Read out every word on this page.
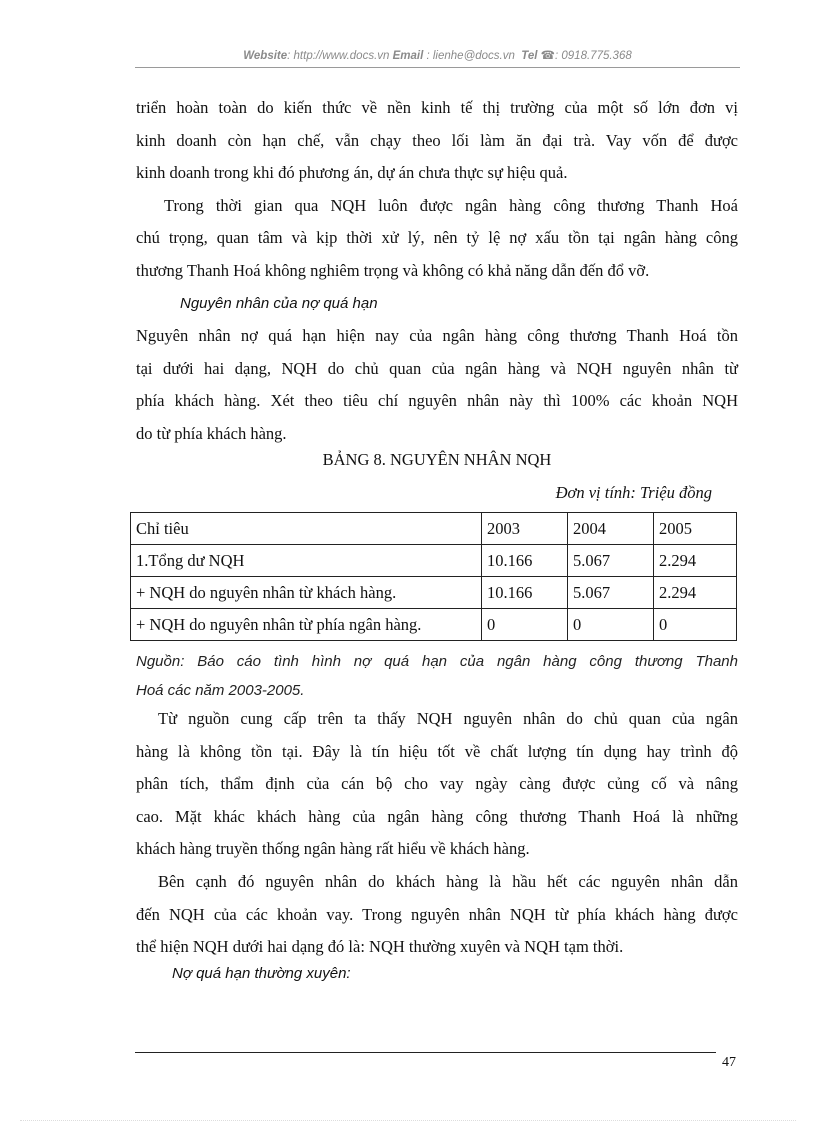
Website: http://www.docs.vn Email : lienhe@docs.vn Tel ☎: 0918.775.368

triển hoàn toàn do kiến thức về nền kinh tế thị trường của một số lớn đơn vị

kinh doanh còn hạn chế, vẫn chạy theo lối làm ăn đại trà. Vay vốn để được

kinh doanh trong khi đó phương án, dự án chưa thực sự hiệu quả.

Trong thời gian qua NQH luôn được ngân hàng công thương Thanh Hoá

chú trọng, quan tâm và kịp thời xử lý, nên tỷ lệ nợ xấu tồn tại ngân hàng công

thương Thanh Hoá không nghiêm trọng và không có khả năng dẫn đến đổ vỡ.

Nguyên nhân của nợ quá hạn

Nguyên nhân nợ quá hạn hiện nay của ngân hàng công thương Thanh Hoá tồn

tại dưới hai dạng, NQH do chủ quan của ngân hàng và NQH nguyên nhân từ

phía khách hàng. Xét theo tiêu chí nguyên nhân này thì 100% các khoản NQH

do từ phía khách hàng.

BẢNG 8. NGUYÊN NHÂN NQH
Đơn vị tính: Triệu đồng
Chỉ tiêu	2003	2004	2005
1.Tổng dư NQH	10.166	5.067	2.294
+ NQH do nguyên nhân từ khách hàng.	10.166	5.067	2.294
+ NQH do nguyên nhân từ phía ngân hàng.	0	0	0

Nguồn: Báo cáo tình hình nợ quá hạn của ngân hàng công thương Thanh

Hoá các năm 2003-2005.

Từ nguồn cung cấp trên ta thấy NQH nguyên nhân do chủ quan của ngân

hàng là không tồn tại. Đây là tín hiệu tốt về chất lượng tín dụng hay trình độ

phân tích, thẩm định của cán bộ cho vay ngày càng được củng cố và nâng

cao. Mặt khác khách hàng của ngân hàng công thương Thanh Hoá là những

khách hàng truyền thống ngân hàng rất hiểu về khách hàng.

Bên cạnh đó nguyên nhân do khách hàng là hầu hết các nguyên nhân dẫn

đến NQH của các khoản vay. Trong nguyên nhân NQH từ phía khách hàng được

thể hiện NQH dưới hai dạng đó là: NQH thường xuyên và NQH tạm thời.

Nợ quá hạn thường xuyên:
47
